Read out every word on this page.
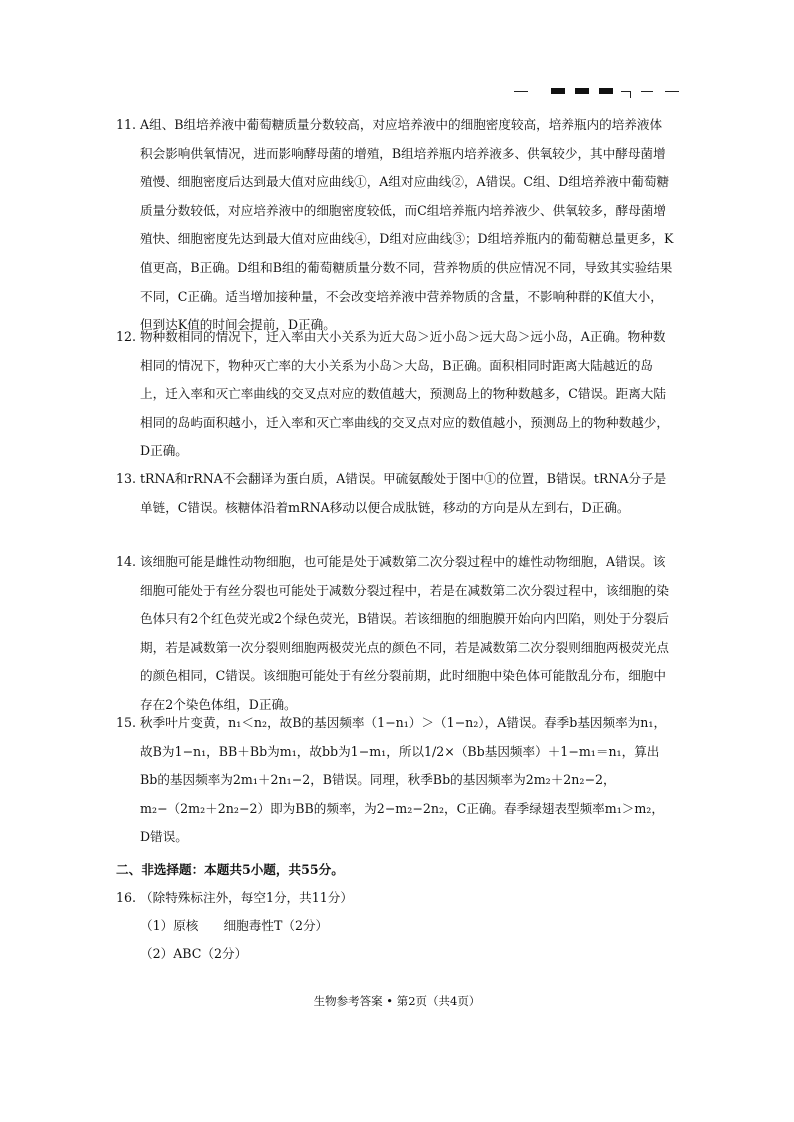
11. A组、B组培养液中葡萄糖质量分数较高，对应培养液中的细胞密度较高，培养瓶内的培养液体积会影响供氧情况，进而影响酵母菌的增殖，B组培养瓶内培养液多、供氧较少，其中酵母菌增殖慢、细胞密度后达到最大值对应曲线①，A组对应曲线②，A错误。C组、D组培养液中葡萄糖质量分数较低，对应培养液中的细胞密度较低，而C组培养瓶内培养液少、供氧较多，酵母菌增殖快、细胞密度先达到最大值对应曲线④，D组对应曲线③；D组培养瓶内的葡萄糖总量更多，K值更高，B正确。D组和B组的葡萄糖质量分数不同，营养物质的供应情况不同，导致其实验结果不同，C正确。适当增加接种量，不会改变培养液中营养物质的含量，不影响种群的K值大小，但到达K值的时间会提前，D正确。
12. 物种数相同的情况下，迁入率由大小关系为近大岛＞近小岛＞远大岛＞远小岛，A正确。物种数相同的情况下，物种灭亡率的大小关系为小岛＞大岛，B正确。面积相同时距离大陆越近的岛上，迁入率和灭亡率曲线的交叉点对应的数值越大，预测岛上的物种数越多，C错误。距离大陆相同的岛屿面积越小，迁入率和灭亡率曲线的交叉点对应的数值越小，预测岛上的物种数越少，D正确。
13. tRNA和rRNA不会翻译为蛋白质，A错误。甲硫氨酸处于图中①的位置，B错误。tRNA分子是单链，C错误。核糖体沿着mRNA移动以便合成肽链，移动的方向是从左到右，D正确。
14. 该细胞可能是雌性动物细胞，也可能是处于减数第二次分裂过程中的雄性动物细胞，A错误。该细胞可能处于有丝分裂也可能处于减数分裂过程中，若是在减数第二次分裂过程中，该细胞的染色体只有2个红色荧光或2个绿色荧光，B错误。若该细胞的细胞膜开始向内凹陷，则处于分裂后期，若是减数第一次分裂则细胞两极荧光点的颜色不同，若是减数第二次分裂则细胞两极荧光点的颜色相同，C错误。该细胞可能处于有丝分裂前期，此时细胞中染色体可能散乱分布，细胞中存在2个染色体组，D正确。
15. 秋季叶片变黄，n₁＜n₂，故B的基因频率（1−n₁）＞（1−n₂），A错误。春季b基因频率为n₁，故B为1−n₁，BB＋Bb为m₁，故bb为1−m₁，所以1/2×（Bb基因频率）＋1−m₁＝n₁，算出Bb的基因频率为2m₁＋2n₁−2，B错误。同理，秋季Bb的基因频率为2m₂＋2n₂−2，m₂−（2m₂＋2n₂−2）即为BB的频率，为2−m₂−2n₂，C正确。春季绿翅表型频率m₁＞m₂，D错误。
二、非选择题：本题共5小题，共55分。
16. （除特殊标注外，每空1分，共11分）
（1）原核　　细胞毒性T（2分）
（2）ABC（2分）
生物参考答案 • 第2页（共4页）
